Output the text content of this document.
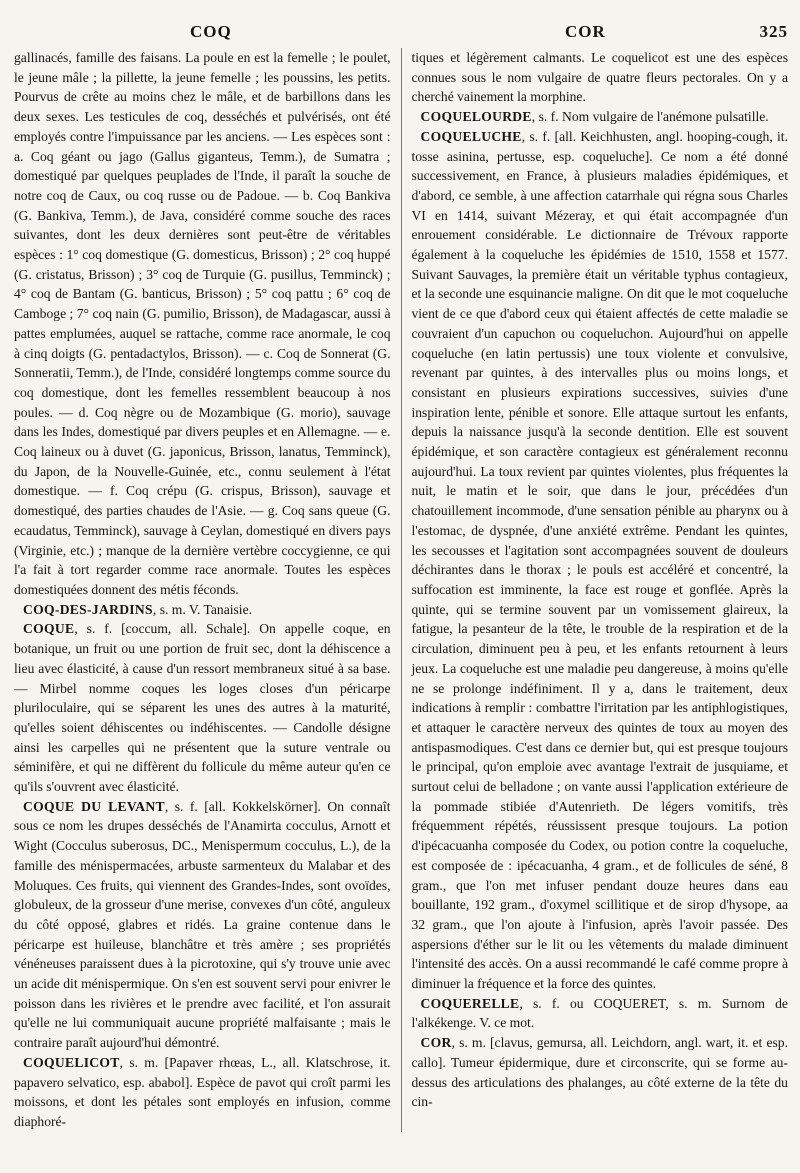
COQ	COR	325

gallinacés, famille des faisans. La poule en est la femelle ; le poulet, le jeune mâle ; la pillette, la jeune femelle ; les poussins, les petits. Pourvus de crête au moins chez le mâle, et de barbillons dans les deux sexes. Les testicules de coq, desséchés et pulvérisés, ont été employés contre l'impuissance par les anciens. — Les espèces sont : a. Coq géant ou jago (Gallus giganteus, Temm.), de Sumatra ; domestiqué par quelques peuplades de l'Inde, il paraît la souche de notre coq de Caux, ou coq russe ou de Padoue. — b. Coq Bankiva (G. Bankiva, Temm.), de Java, considéré comme souche des races suivantes, dont les deux dernières sont peut-être de véritables espèces : 1° coq domestique (G. domesticus, Brisson) ; 2° coq huppé (G. cristatus, Brisson) ; 3° coq de Turquie (G. pusillus, Temminck) ; 4° coq de Bantam (G. banticus, Brisson) ; 5° coq pattu ; 6° coq de Camboge ; 7° coq nain (G. pumilio, Brisson), de Madagascar, aussi à pattes emplumées, auquel se rattache, comme race anormale, le coq à cinq doigts (G. pentadactylos, Brisson). — c. Coq de Sonnerat (G. Sonneratii, Temm.), de l'Inde, considéré longtemps comme source du coq domestique, dont les femelles ressemblent beaucoup à nos poules. — d. Coq nègre ou de Mozambique (G. morio), sauvage dans les Indes, domestiqué par divers peuples et en Allemagne. — e. Coq laineux ou à duvet (G. japonicus, Brisson, lanatus, Temminck), du Japon, de la Nouvelle-Guinée, etc., connu seulement à l'état domestique. — f. Coq crépu (G. crispus, Brisson), sauvage et domestiqué, des parties chaudes de l'Asie. — g. Coq sans queue (G. ecaudatus, Temminck), sauvage à Ceylan, domestiqué en divers pays (Virginie, etc.) ; manque de la dernière vertèbre coccygienne, ce qui l'a fait à tort regarder comme race anormale. Toutes les espèces domestiquées donnent des métis féconds.

COQ-DES-JARDINS, s. m. V. Tanaisie.

COQUE, s. f. [coccum, all. Schale]. On appelle coque, en botanique, un fruit ou une portion de fruit sec, dont la déhiscence a lieu avec élasticité, à cause d'un ressort membraneux situé à sa base. — Mirbel nomme coques les loges closes d'un péricarpe pluriloculaire, qui se séparent les unes des autres à la maturité, qu'elles soient déhiscentes ou indéhiscentes. — Candolle désigne ainsi les carpelles qui ne présentent que la suture ventrale ou séminifère, et qui ne diffèrent du follicule du même auteur qu'en ce qu'ils s'ouvrent avec élasticité.

COQUE DU LEVANT, s. f. [all. Kokkelskörner]. On connaît sous ce nom les drupes desséchés de l'Anamirta cocculus, Arnott et Wight (Cocculus suberosus, DC., Menispermum cocculus, L.), de la famille des ménispermacées, arbuste sarmenteux du Malabar et des Moluques. Ces fruits, qui viennent des Grandes-Indes, sont ovoïdes, globuleux, de la grosseur d'une merise, convexes d'un côté, anguleux du côté opposé, glabres et ridés. La graine contenue dans le péricarpe est huileuse, blanchâtre et très amère ; ses propriétés vénéneuses paraissent dues à la picrotoxine, qui s'y trouve unie avec un acide dit ménispermique. On s'en est souvent servi pour enivrer le poisson dans les rivières et le prendre avec facilité, et l'on assurait qu'elle ne lui communiquait aucune propriété malfaisante ; mais le contraire paraît aujourd'hui démontré.

COQUELICOT, s. m. [Papaver rhœas, L., all. Klatschrose, it. papavero selvatico, esp. ababol]. Espèce de pavot qui croît parmi les moissons, et dont les pétales sont employés en infusion, comme diaphoré-

tiques et légèrement calmants. Le coquelicot est une des espèces connues sous le nom vulgaire de quatre fleurs pectorales. On y a cherché vainement la morphine.

COQUELOURDE, s. f. Nom vulgaire de l'anémone pulsatille.

COQUELUCHE, s. f. [all. Keichhusten, angl. hooping-cough, it. tosse asinina, pertusse, esp. coqueluche]. Ce nom a été donné successivement, en France, à plusieurs maladies épidémiques, et d'abord, ce semble, à une affection catarrhale qui régna sous Charles VI en 1414, suivant Mézeray, et qui était accompagnée d'un enrouement considérable. Le dictionnaire de Trévoux rapporte également à la coqueluche les épidémies de 1510, 1558 et 1577. Suivant Sauvages, la première était un véritable typhus contagieux, et la seconde une esquinancie maligne. On dit que le mot coqueluche vient de ce que d'abord ceux qui étaient affectés de cette maladie se couvraient d'un capuchon ou coqueluchon. Aujourd'hui on appelle coqueluche (en latin pertussis) une toux violente et convulsive, revenant par quintes, à des intervalles plus ou moins longs, et consistant en plusieurs expirations successives, suivies d'une inspiration lente, pénible et sonore. Elle attaque surtout les enfants, depuis la naissance jusqu'à la seconde dentition. Elle est souvent épidémique, et son caractère contagieux est généralement reconnu aujourd'hui. La toux revient par quintes violentes, plus fréquentes la nuit, le matin et le soir, que dans le jour, précédées d'un chatouillement incommode, d'une sensation pénible au pharynx ou à l'estomac, de dyspnée, d'une anxiété extrême. Pendant les quintes, les secousses et l'agitation sont accompagnées souvent de douleurs déchirantes dans le thorax ; le pouls est accéléré et concentré, la suffocation est imminente, la face est rouge et gonflée. Après la quinte, qui se termine souvent par un vomissement glaireux, la fatigue, la pesanteur de la tête, le trouble de la respiration et de la circulation, diminuent peu à peu, et les enfants retournent à leurs jeux. La coqueluche est une maladie peu dangereuse, à moins qu'elle ne se prolonge indéfiniment. Il y a, dans le traitement, deux indications à remplir : combattre l'irritation par les antiphlogistiques, et attaquer le caractère nerveux des quintes de toux au moyen des antispasmodiques. C'est dans ce dernier but, qui est presque toujours le principal, qu'on emploie avec avantage l'extrait de jusquiame, et surtout celui de belladone ; on vante aussi l'application extérieure de la pommade stibiée d'Autenrieth. De légers vomitifs, très fréquemment répétés, réussissent presque toujours. La potion d'ipécacuanha composée du Codex, ou potion contre la coqueluche, est composée de : ipécacuanha, 4 gram., et de follicules de séné, 8 gram., que l'on met infuser pendant douze heures dans eau bouillante, 192 gram., d'oxymel scillitique et de sirop d'hysope, aa 32 gram., que l'on ajoute à l'infusion, après l'avoir passée. Des aspersions d'éther sur le lit ou les vêtements du malade diminuent l'intensité des accès. On a aussi recommandé le café comme propre à diminuer la fréquence et la force des quintes.

COQUERELLE, s. f. ou COQUERET, s. m. Surnom de l'alkékenge. V. ce mot.

COR, s. m. [clavus, gemursa, all. Leichdorn, angl. wart, it. et esp. callo]. Tumeur épidermique, dure et circonscrite, qui se forme au-dessus des articulations des phalanges, au côté externe de la tête du cin-
